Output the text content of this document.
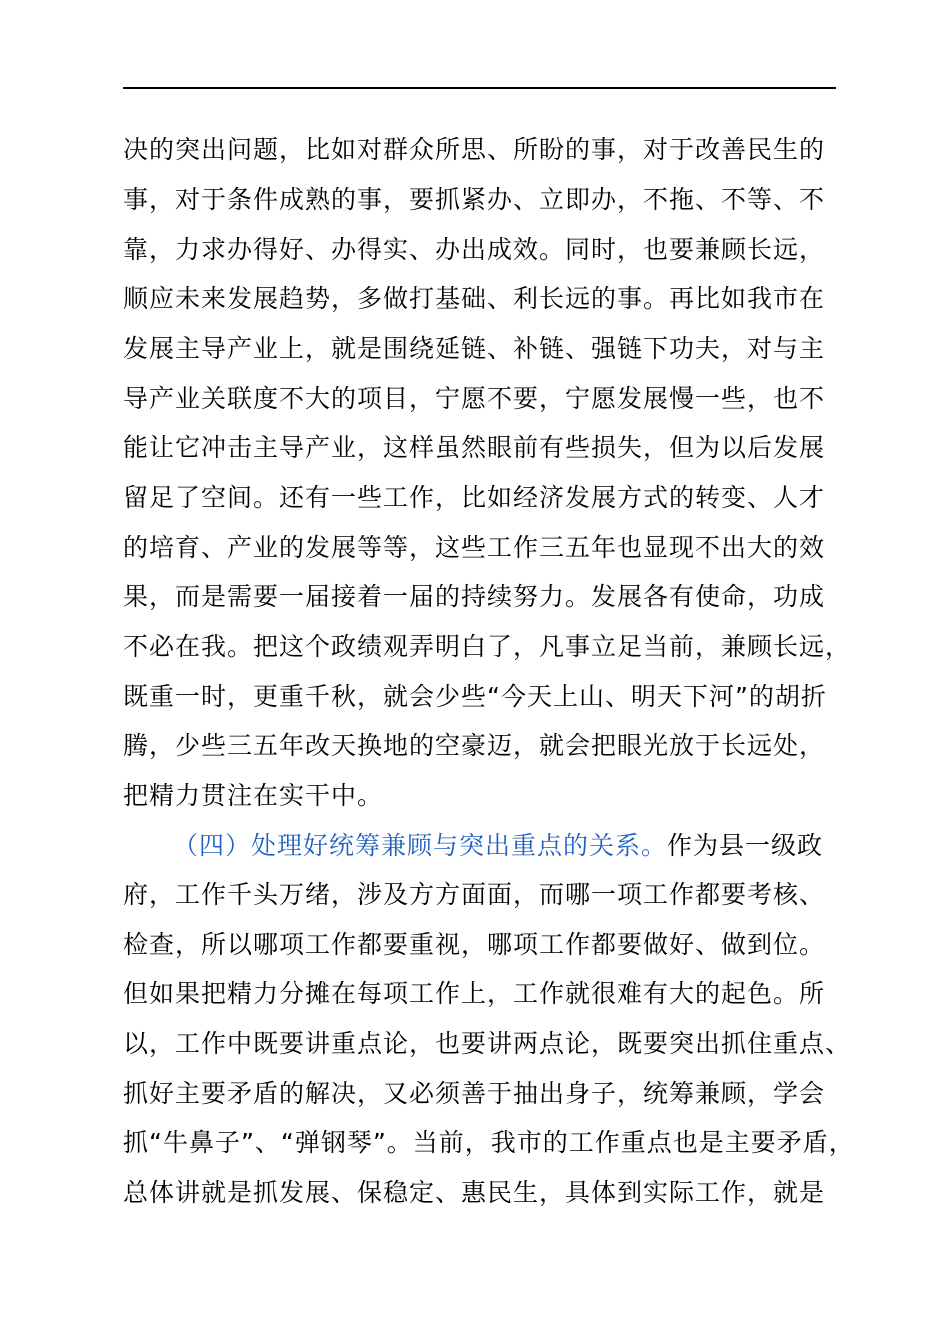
决的突出问题，比如对群众所思、所盼的事，对于改善民生的
事，对于条件成熟的事，要抓紧办、立即办，不拖、不等、不
靠，力求办得好、办得实、办出成效。同时，也要兼顾长远，
顺应未来发展趋势，多做打基础、利长远的事。再比如我市在
发展主导产业上，就是围绕延链、补链、强链下功夫，对与主
导产业关联度不大的项目，宁愿不要，宁愿发展慢一些，也不
能让它冲击主导产业，这样虽然眼前有些损失，但为以后发展
留足了空间。还有一些工作，比如经济发展方式的转变、人才
的培育、产业的发展等等，这些工作三五年也显现不出大的效
果，而是需要一届接着一届的持续努力。发展各有使命，功成
不必在我。把这个政绩观弄明白了，凡事立足当前，兼顾长远，
既重一时，更重千秋，就会少些“今天上山、明天下河”的胡折
腾，少些三五年改天换地的空豪迈，就会把眼光放于长远处，
把精力贯注在实干中。
（四）处理好统筹兼顾与突出重点的关系。作为县一级政
府，工作千头万绪，涉及方方面面，而哪一项工作都要考核、
检查，所以哪项工作都要重视，哪项工作都要做好、做到位。
但如果把精力分摊在每项工作上，工作就很难有大的起色。所
以，工作中既要讲重点论，也要讲两点论，既要突出抓住重点、
抓好主要矛盾的解决，又必须善于抽出身子，统筹兼顾，学会
抓“牛鼻子”、“弹钢琴”。当前，我市的工作重点也是主要矛盾，
总体讲就是抓发展、保稳定、惠民生，具体到实际工作，就是
